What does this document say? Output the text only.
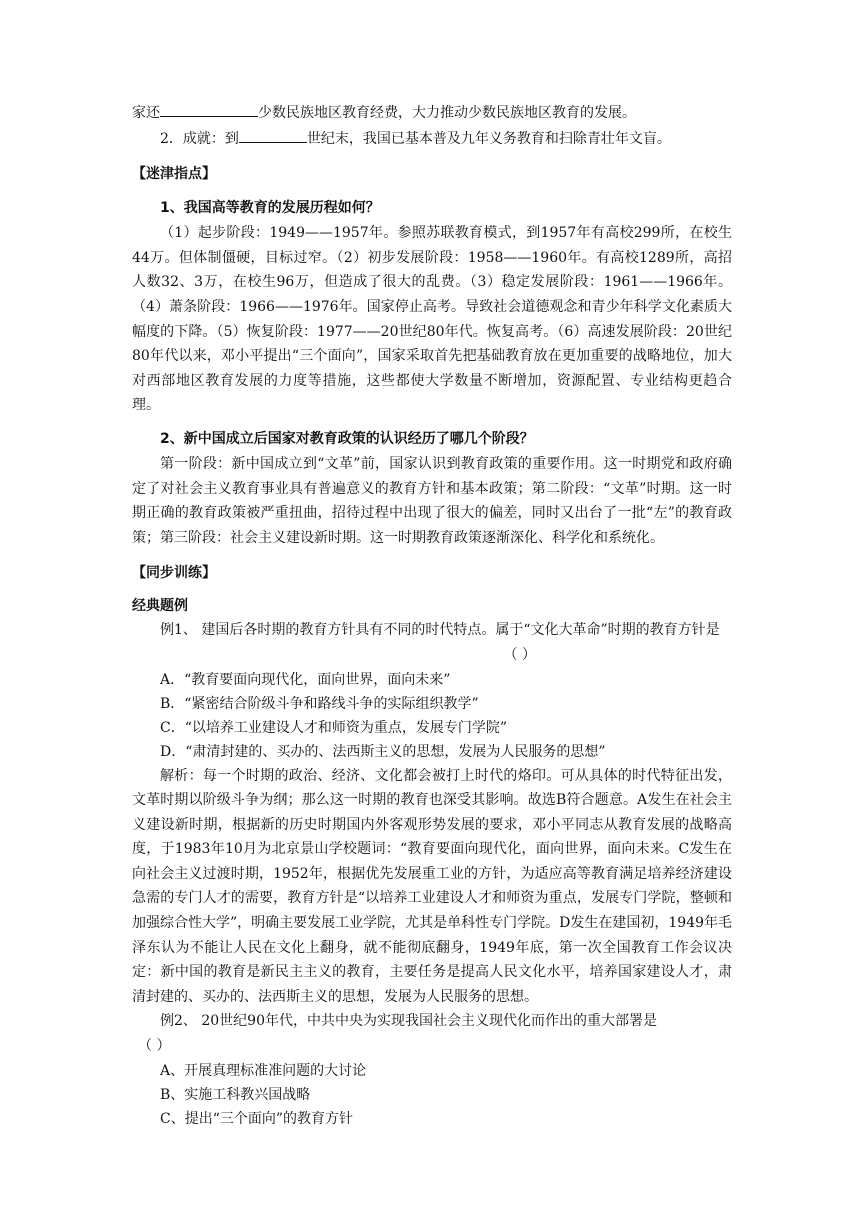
家还	少数民族地区教育经费，大力推动少数民族地区教育的发展。

2．成就：到	世纪末，我国已基本普及九年义务教育和扫除青壮年文盲。

【迷津指点】

1、我国高等教育的发展历程如何？

（1）起步阶段：1949——1957年。参照苏联教育模式，到1957年有高校299所，在校生44万。但体制僵硬，目标过窄。（2）初步发展阶段：1958——1960年。有高校1289所，高招人数32、3万，在校生96万，但造成了很大的乱费。（3）稳定发展阶段：1961——1966年。（4）萧条阶段：1966——1976年。国家停止高考。导致社会道德观念和青少年科学文化素质大幅度的下降。（5）恢复阶段：1977——20世纪80年代。恢复高考。（6）高速发展阶段：20世纪80年代以来，邓小平提出“三个面向”，国家采取首先把基础教育放在更加重要的战略地位，加大对西部地区教育发展的力度等措施，这些都使大学数量不断增加，资源配置、专业结构更趋合理。

2、新中国成立后国家对教育政策的认识经历了哪几个阶段？

第一阶段：新中国成立到“文革”前，国家认识到教育政策的重要作用。这一时期党和政府确定了对社会主义教育事业具有普遍意义的教育方针和基本政策；第二阶段：“文革”时期。这一时期正确的教育政策被严重扭曲，招待过程中出现了很大的偏差，同时又出台了一批“左”的教育政策；第三阶段：社会主义建设新时期。这一时期教育政策逐渐深化、科学化和系统化。

【同步训练】

经典题例

例1、 建国后各时期的教育方针具有不同的时代特点。属于“文化大革命”时期的教育方针是

（ ）

A．“教育要面向现代化，面向世界，面向未来”

B．“紧密结合阶级斗争和路线斗争的实际组织教学”

C．“以培养工业建设人才和师资为重点，发展专门学院”

D．“肃清封建的、买办的、法西斯主义的思想，发展为人民服务的思想”

解析：每一个时期的政治、经济、文化都会被打上时代的烙印。可从具体的时代特征出发，文革时期以阶级斗争为纲；那么这一时期的教育也深受其影响。故选B符合题意。A发生在社会主义建设新时期，根据新的历史时期国内外客观形势发展的要求，邓小平同志从教育发展的战略高度，于1983年10月为北京景山学校题词：“教育要面向现代化，面向世界，面向未来。C发生在向社会主义过渡时期，1952年，根据优先发展重工业的方针，为适应高等教育满足培养经济建设急需的专门人才的需要，教育方针是“以培养工业建设人才和师资为重点，发展专门学院，整顿和加强综合性大学”，明确主要发展工业学院，尤其是单科性专门学院。D发生在建国初，1949年毛泽东认为不能让人民在文化上翻身，就不能彻底翻身，1949年底，第一次全国教育工作会议决定：新中国的教育是新民主主义的教育，主要任务是提高人民文化水平，培养国家建设人才，肃清封建的、买办的、法西斯主义的思想，发展为人民服务的思想。

例2、 20世纪90年代，中共中央为实现我国社会主义现代化而作出的重大部署是

（ ）

A、开展真理标准准问题的大讨论

B、实施工科教兴国战略

C、提出“三个面向”的教育方针
